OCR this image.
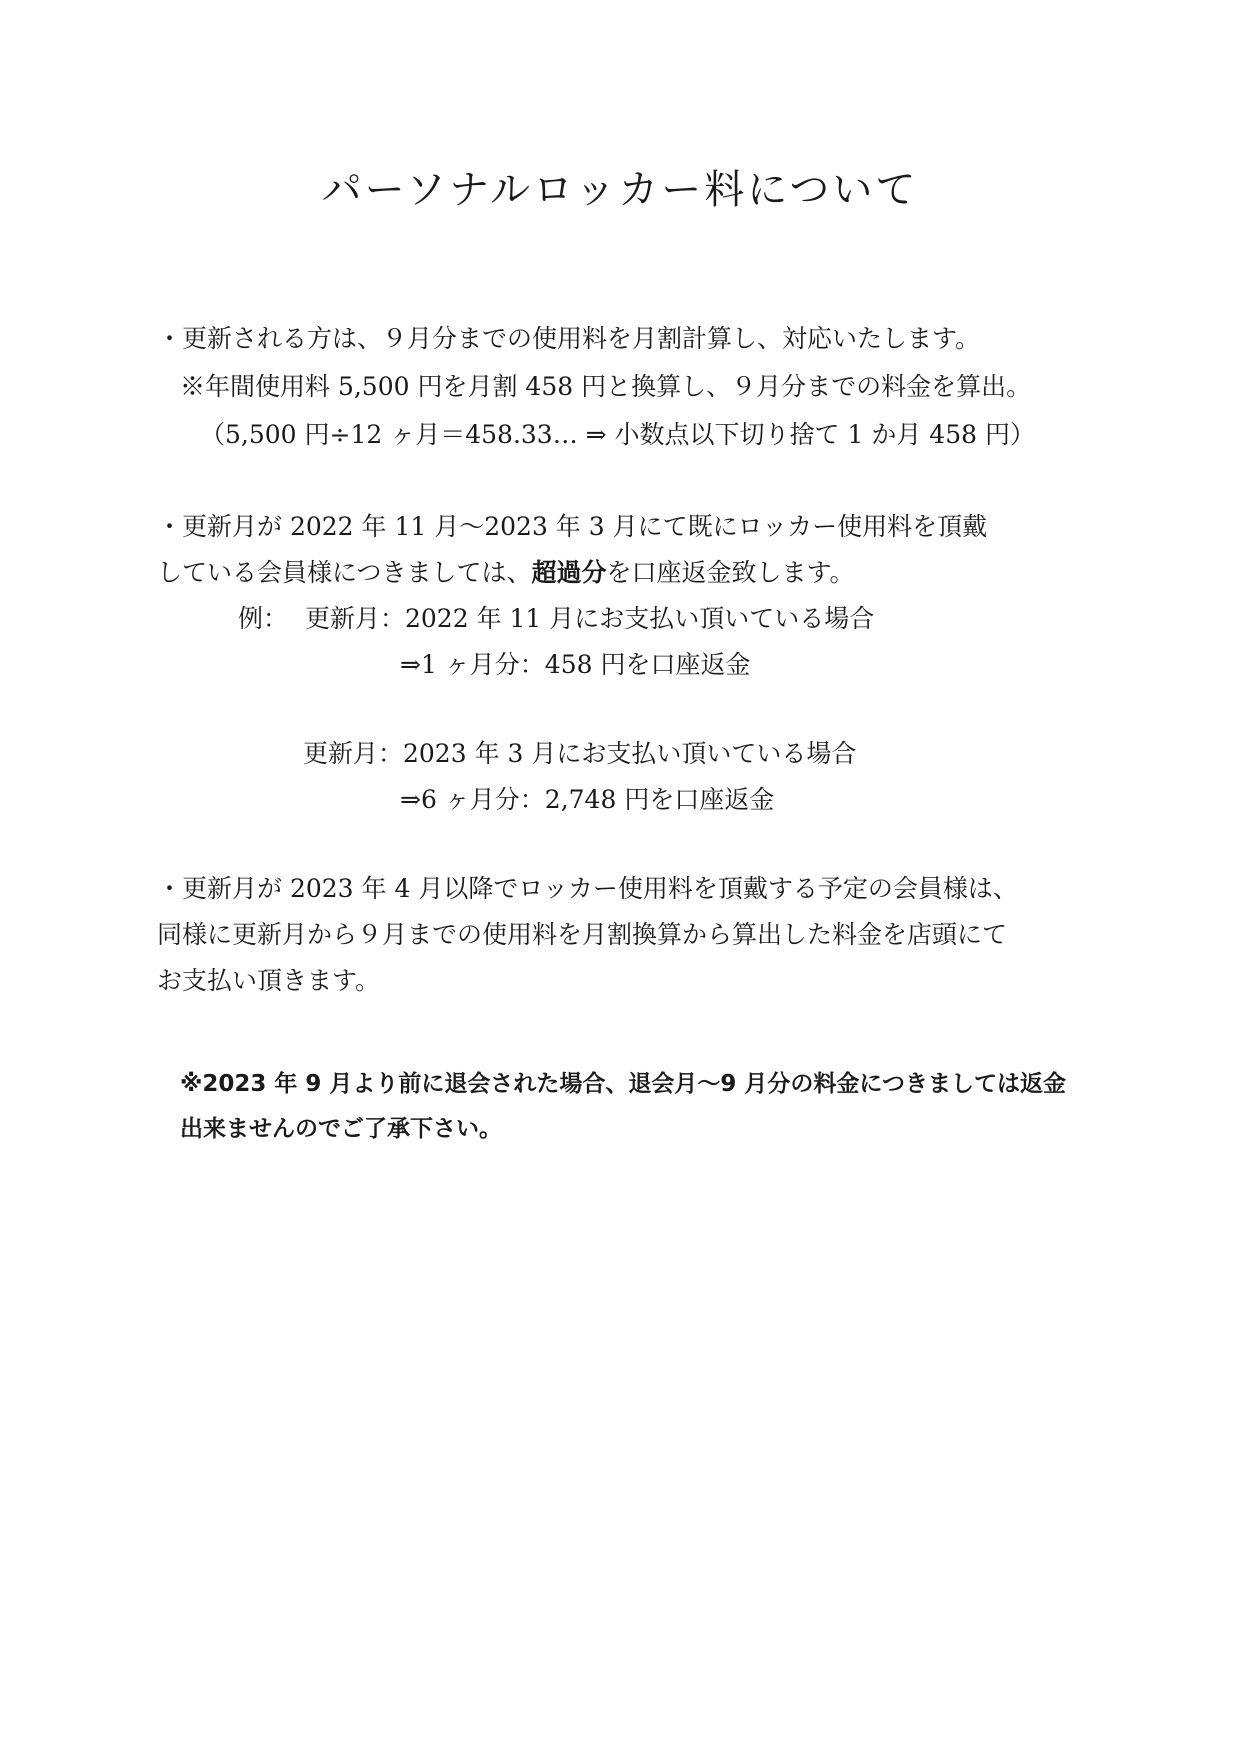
パーソナルロッカー料について

・更新される方は、９月分までの使用料を月割計算し、対応いたします。

※年間使用料 5,500 円を月割 458 円と換算し、９月分までの料金を算出。

（5,500 円÷12 ヶ月＝458.33… ⇒ 小数点以下切り捨て 1 か月 458 円）

・更新月が 2022 年 11 月～2023 年 3 月にて既にロッカー使用料を頂戴

している会員様につきましては、超過分を口座返金致します。

例： 更新月：2022 年 11 月にお支払い頂いている場合

⇒1 ヶ月分：458 円を口座返金

更新月：2023 年 3 月にお支払い頂いている場合

⇒6 ヶ月分：2,748 円を口座返金

・更新月が 2023 年 4 月以降でロッカー使用料を頂戴する予定の会員様は、

同様に更新月から９月までの使用料を月割換算から算出した料金を店頭にて

お支払い頂きます。

※2023 年 9 月より前に退会された場合、退会月～9 月分の料金につきましては返金

出来ませんのでご了承下さい。
